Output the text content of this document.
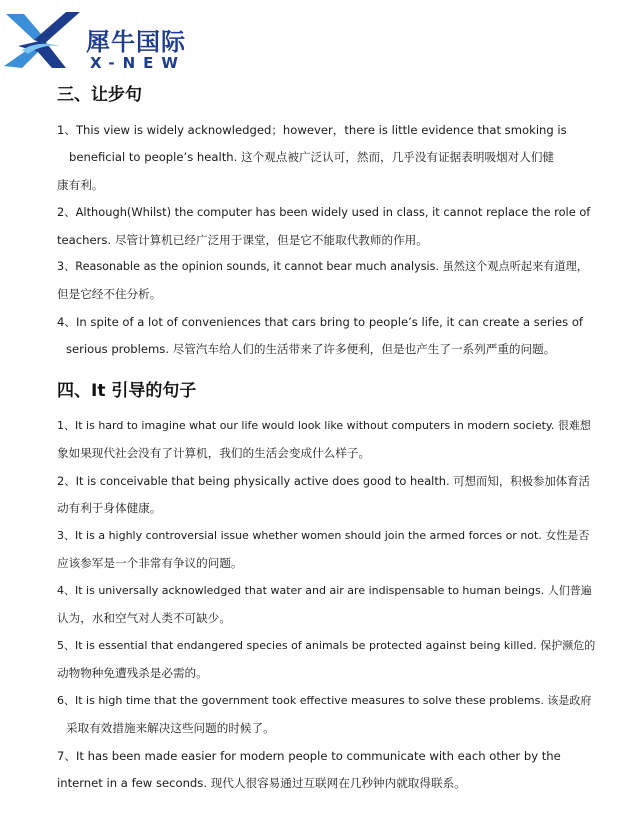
犀牛国际
X-NEW
三、让步句
1、This view is widely acknowledged；however，there is little evidence that smoking is
beneficial to people’s health. 这个观点被广泛认可，然而，几乎没有证据表明吸烟对人们健
康有利。
2、Although(Whilst) the computer has been widely used in class, it cannot replace the role of
teachers. 尽管计算机已经广泛用于课堂，但是它不能取代教师的作用。
3、Reasonable as the opinion sounds, it cannot bear much analysis. 虽然这个观点听起来有道理，
但是它经不住分析。
4、In spite of a lot of conveniences that cars bring to people’s life, it can create a series of
serious problems. 尽管汽车给人们的生活带来了许多便利，但是也产生了一系列严重的问题。
四、It 引导的句子
1、It is hard to imagine what our life would look like without computers in modern society. 很难想
象如果现代社会没有了计算机，我们的生活会变成什么样子。
2、It is conceivable that being physically active does good to health. 可想而知，积极参加体育活
动有利于身体健康。
3、It is a highly controversial issue whether women should join the armed forces or not. 女性是否
应该参军是一个非常有争议的问题。
4、It is universally acknowledged that water and air are indispensable to human beings. 人们普遍
认为，水和空气对人类不可缺少。
5、It is essential that endangered species of animals be protected against being killed. 保护濒危的
动物物种免遭残杀是必需的。
6、It is high time that the government took effective measures to solve these problems. 该是政府
采取有效措施来解决这些问题的时候了。
7、It has been made easier for modern people to communicate with each other by the
internet in a few seconds. 现代人很容易通过互联网在几秒钟内就取得联系。
